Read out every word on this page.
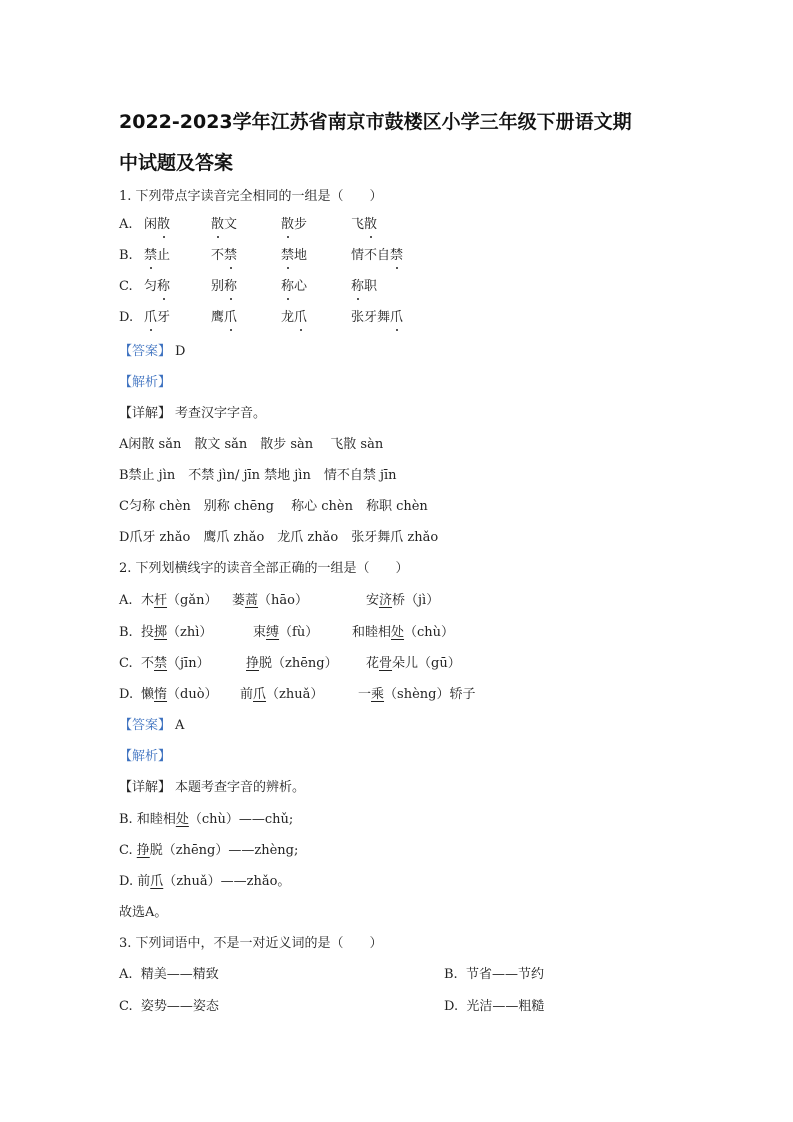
2022-2023学年江苏省南京市鼓楼区小学三年级下册语文期
中试题及答案
1. 下列带点字读音完全相同的一组是（　　）
A. 闲散	散文	散步	飞散
B. 禁止	不禁	禁地	情不自禁
C. 匀称	别称	称心	称职
D. 爪牙	鹰爪	龙爪	张牙舞爪
【答案】 D
【解析】
【详解】 考查汉字字音。
A闲散 sǎn　散文 sǎn　散步 sàn　 飞散 sàn
B禁止 jìn　不禁 jìn/ jīn 禁地 jìn　情不自禁 jīn
C匀称 chèn　别称 chēng　 称心 chèn　称职 chèn
D爪牙 zhǎo　鹰爪 zhǎo　龙爪 zhǎo　张牙舞爪 zhǎo
2. 下列划横线字的读音全部正确的一组是（　　）
A. 木杆（gǎn） 蒌蒿（hāo）	安济桥（jì）
B. 投掷（zhì）	束缚（fù）	和睦相处（chù）
C. 不禁（jīn）	挣脱（zhēng） 花骨朵儿（gū）
D. 懒惰（duò） 前爪（zhuǎ）	一乘（shèng）轿子
【答案】 A
【解析】
【详解】 本题考查字音的辨析。
B. 和睦相处（chù）——chǔ;
C. 挣脱（zhēng）——zhèng;
D. 前爪（zhuǎ）——zhǎo。
故选A。
3. 下列词语中，不是一对近义词的是（　　）
A.  精美——精致	B.  节省——节约
C.  姿势——姿态	D.  光洁——粗糙
